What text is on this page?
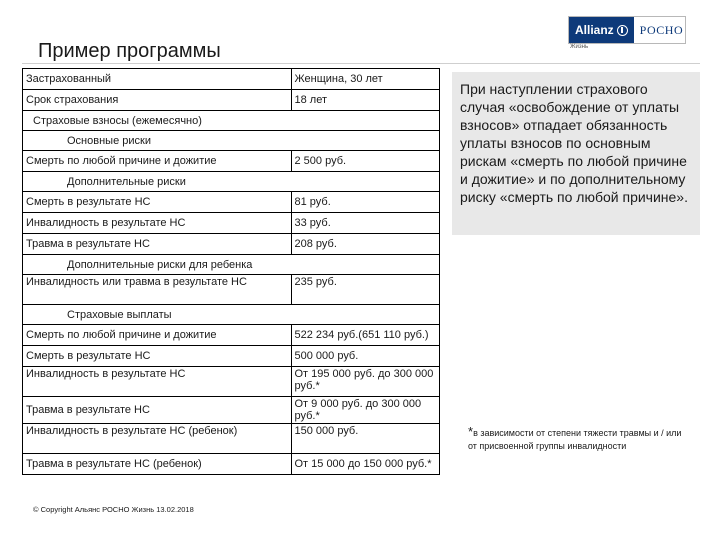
Allianz	РОСНО
Жизнь
Пример программы
Застрахованный	Женщина, 30 лет
Срок страхования	18 лет
Страховые взносы (ежемесячно)	
Основные риски	
Смерть по любой причине и дожитие	2 500 руб.
Дополнительные риски	
Смерть в результате НС	81 руб.
Инвалидность в результате НС	33 руб.
Травма в результате НС	208 руб.
Дополнительные риски для ребенка	
Инвалидность или травма в результате НС	235 руб.
Страховые выплаты	
Смерть по любой причине и дожитие	522 234 руб.(651 110 руб.)
Смерть в результате НС	500 000 руб.
Инвалидность в результате НС	От 195 000 руб. до 300 000 руб.*
Травма в результате НС	От 9 000 руб. до 300 000 руб.*
Инвалидность в результате НС (ребенок)	150 000 руб.
Травма в результате НС (ребенок)	От 15 000 до 150 000 руб.*
© Copyright Альянс РОСНО Жизнь 13.02.2018
При наступлении страхового случая «освобождение от уплаты взносов» отпадает обязанность уплаты взносов по основным рискам «смерть по любой причине и дожитие» и по дополнительному риску «смерть по любой причине».
*в зависимости от степени тяжести травмы и / или от присвоенной группы инвалидности
